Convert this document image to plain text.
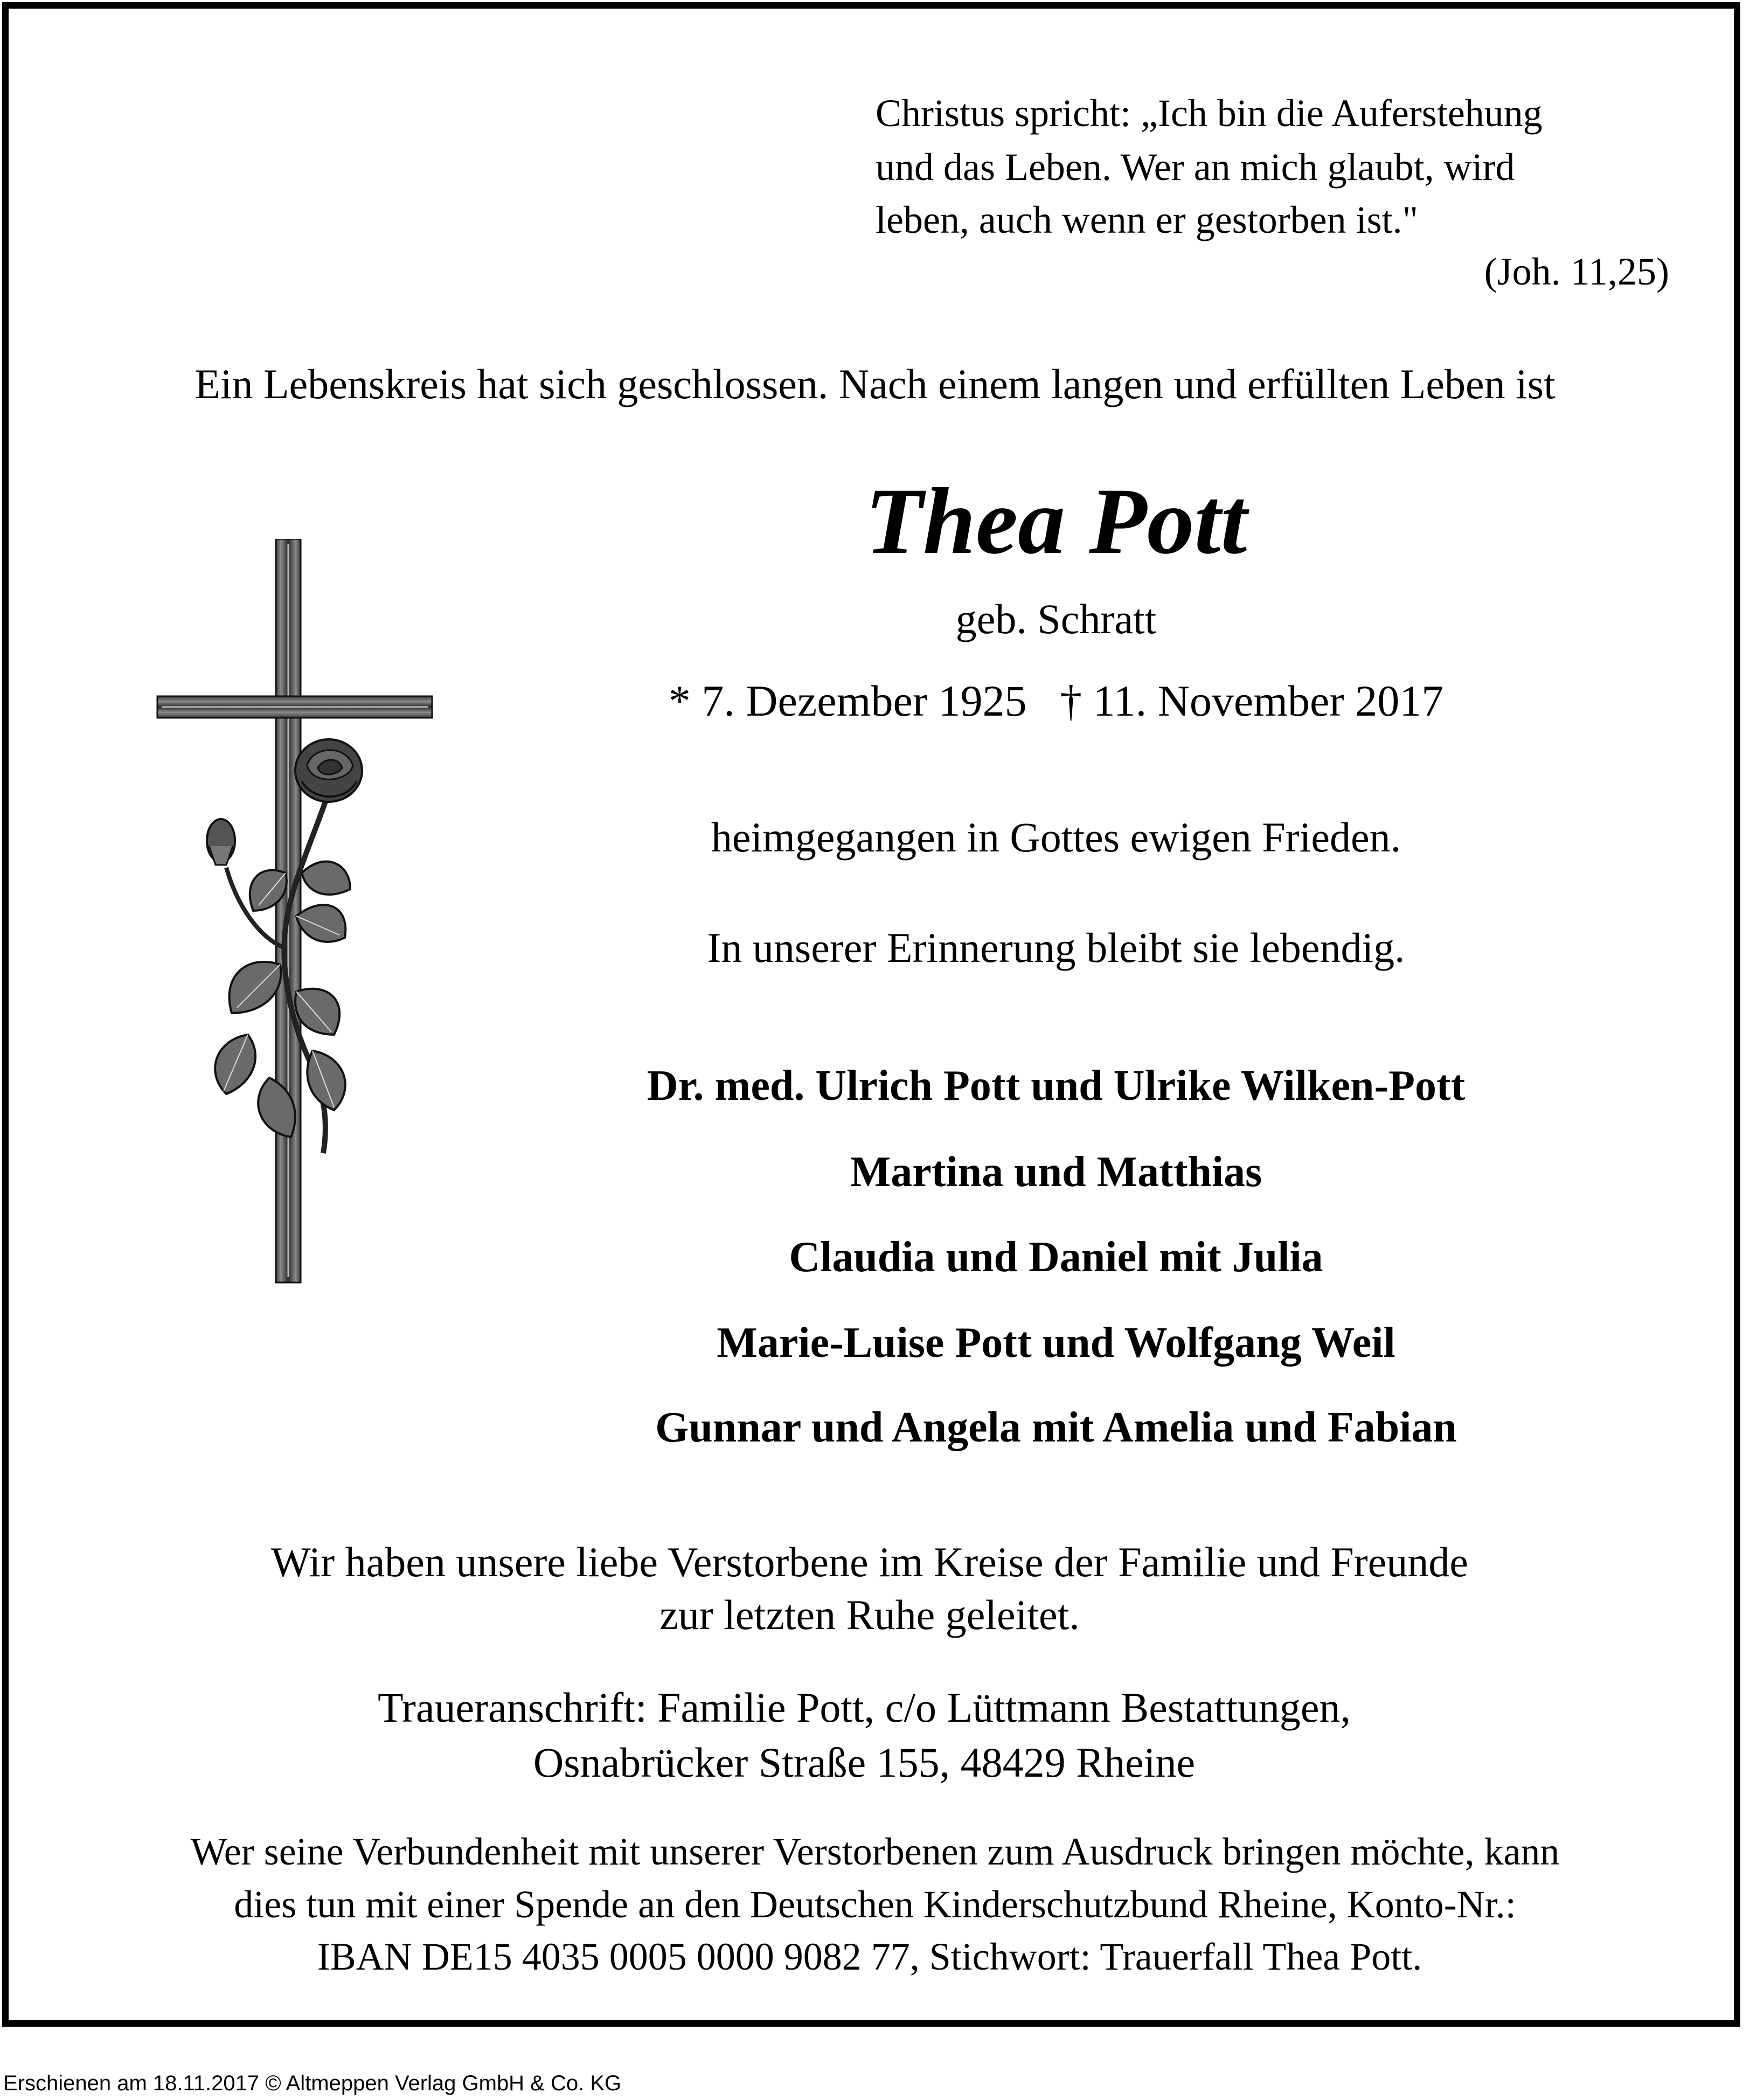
Christus spricht: „Ich bin die Auferstehung
und das Leben. Wer an mich glaubt, wird
leben, auch wenn er gestorben ist."
(Joh. 11,25)
Ein Lebenskreis hat sich geschlossen. Nach einem langen und erfüllten Leben ist
Thea Pott
geb. Schratt
* 7. Dezember 1925   † 11. November 2017
heimgegangen in Gottes ewigen Frieden.
In unserer Erinnerung bleibt sie lebendig.
Dr. med. Ulrich Pott und Ulrike Wilken-Pott
Martina und Matthias
Claudia und Daniel mit Julia
Marie-Luise Pott und Wolfgang Weil
Gunnar und Angela mit Amelia und Fabian
Wir haben unsere liebe Verstorbene im Kreise der Familie und Freunde
zur letzten Ruhe geleitet.
Traueranschrift: Familie Pott, c/o Lüttmann Bestattungen,
Osnabrücker Straße 155, 48429 Rheine
Wer seine Verbundenheit mit unserer Verstorbenen zum Ausdruck bringen möchte, kann
dies tun mit einer Spende an den Deutschen Kinderschutzbund Rheine, Konto-Nr.:
IBAN DE15 4035 0005 0000 9082 77, Stichwort: Trauerfall Thea Pott.
Erschienen am 18.11.2017 © Altmeppen Verlag GmbH & Co. KG
